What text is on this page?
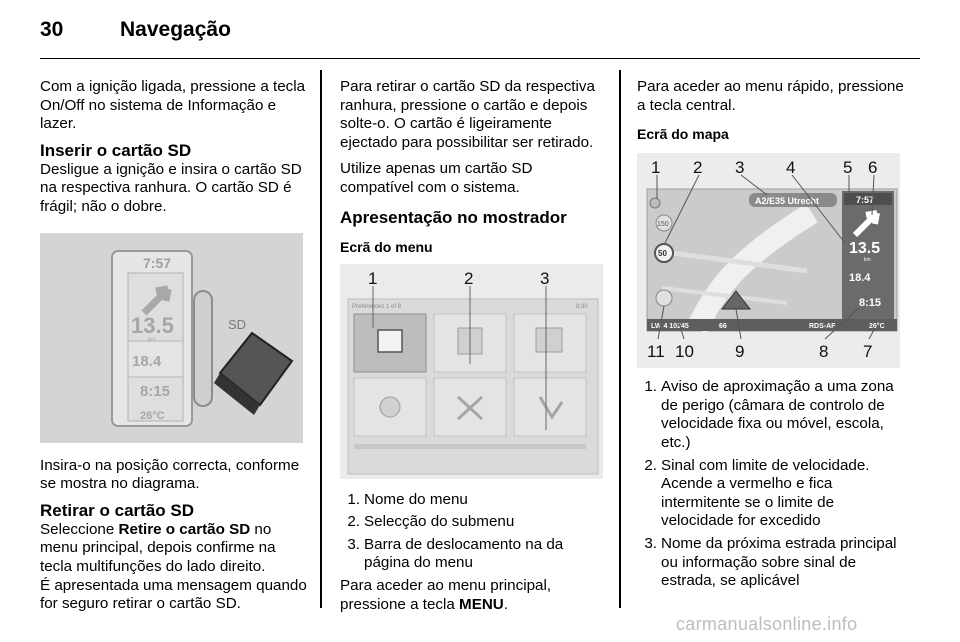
30	Navegação

Com a ignição ligada, pressione a tecla On/Off no sistema de Informação e lazer.

Inserir o cartão SD

Desligue a ignição e insira o cartão SD na respectiva ranhura. O cartão SD é frágil; não o dobre.

SD
7:57
13.5
km
18.4
8:15
26°C

Insira-o na posição correcta, conforme se mostra no diagrama.

Retirar o cartão SD

Seleccione Retire o cartão SD no menu principal, depois confirme na tecla multifunções do lado direito.

É apresentada uma mensagem quando for seguro retirar o cartão SD.

Para retirar o cartão SD da respectiva ranhura, pressione o cartão e depois solte-o. O cartão é ligeiramente ejectado para possibilitar ser retirado.

Utilize apenas um cartão SD compatível com o sistema.

Apresentação no mostrador

Ecrã do menu

Preferences 1 of 8	8:30
1	2	3
1. Nome do menu
2. Selecção do submenu
3. Barra de deslocamento na da página do menu

Para aceder ao menu principal, pressione a tecla MENU.

Para aceder ao menu rápido, pressione a tecla central.

Ecrã do mapa

A2/E35 Utrecht
150
50
7:57
13.5
km
18.4
8:15
LW 4 10245	66	RDS-AF	26°C
1 2 3 4	5 6
11 10 9	8 7
1. Aviso de aproximação a uma zona de perigo (câmara de controlo de velocidade fixa ou móvel, escola, etc.)
2. Sinal com limite de velocidade. Acende a vermelho e fica intermitente se o limite de velocidade for excedido
3. Nome da próxima estrada principal ou informação sobre sinal de estrada, se aplicável
carmanualsonline.info
